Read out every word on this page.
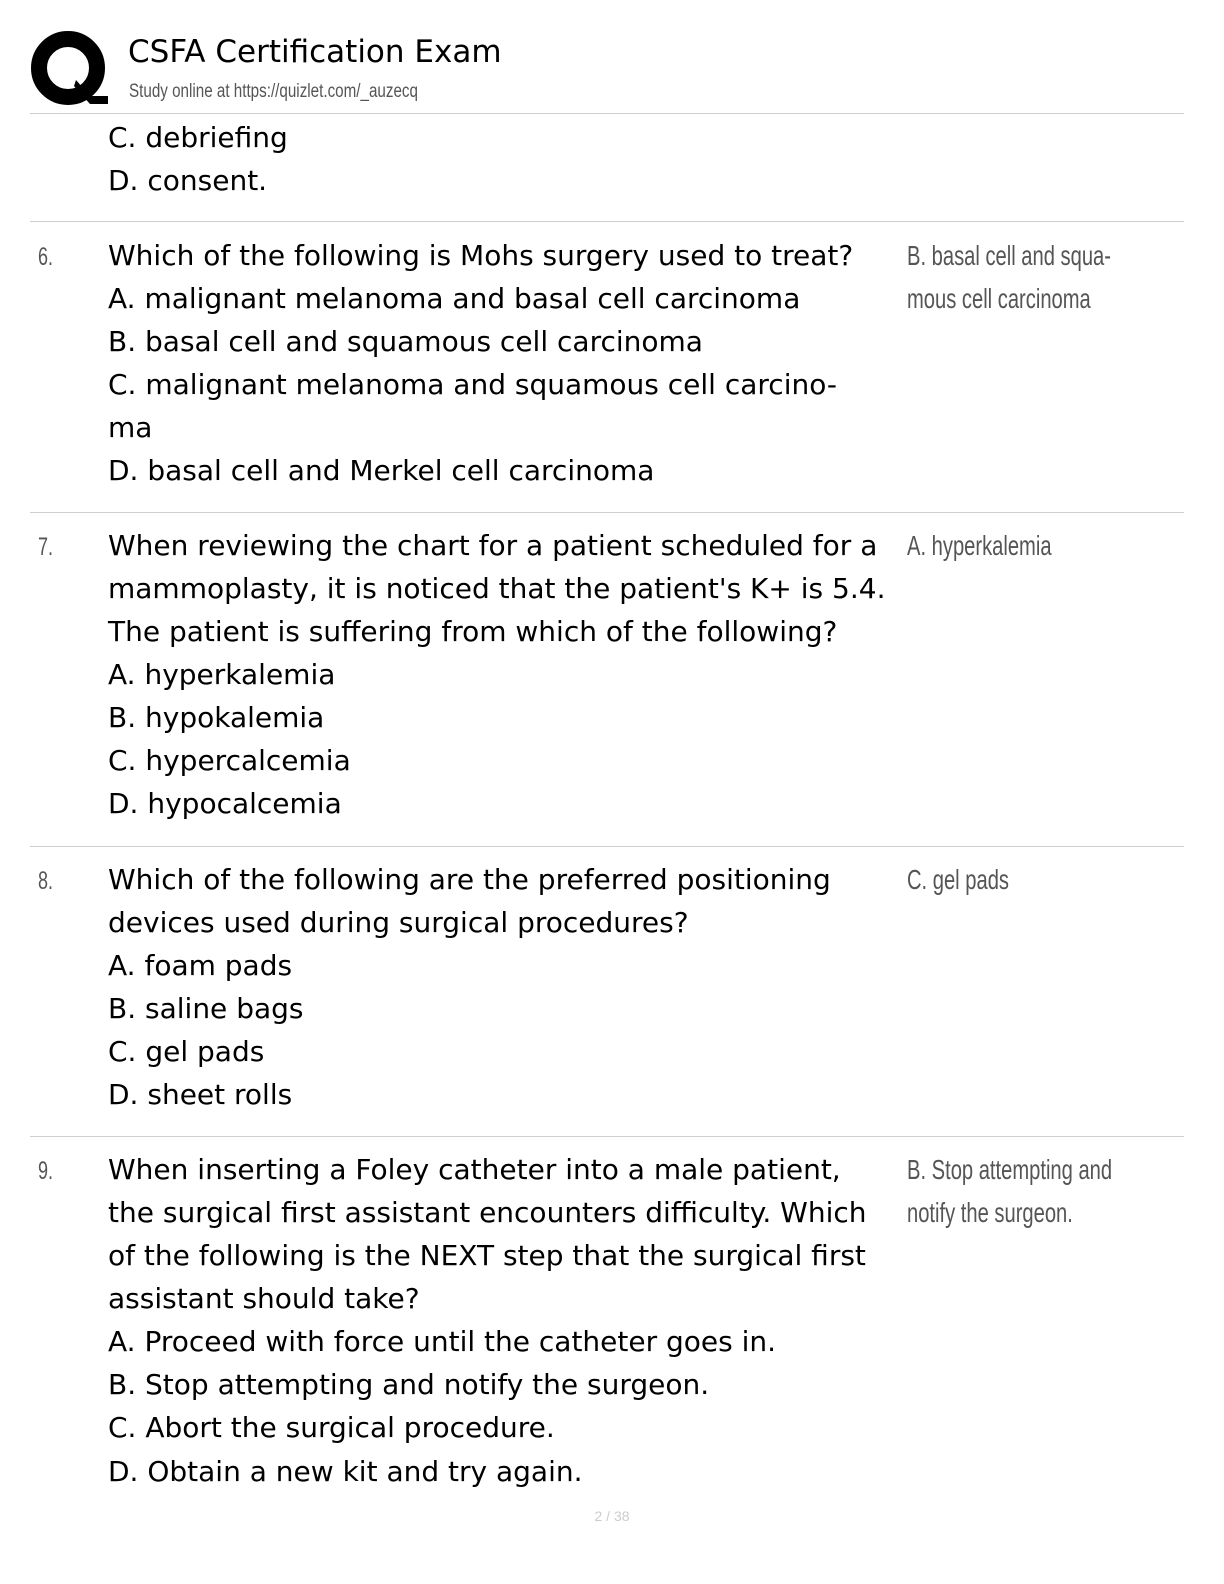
CSFA Certification Exam
Study online at https://quizlet.com/_auzecq
C. debriefing
D. consent.
6. Which of the following is Mohs surgery used to treat?
A. malignant melanoma and basal cell carcinoma
B. basal cell and squamous cell carcinoma
C. malignant melanoma and squamous cell carcino-
ma
D. basal cell and Merkel cell carcinoma
B. basal cell and squa-
mous cell carcinoma
7. When reviewing the chart for a patient scheduled for a
mammoplasty, it is noticed that the patient's K+ is 5.4.
The patient is suffering from which of the following?
A. hyperkalemia
B. hypokalemia
C. hypercalcemia
D. hypocalcemia
A. hyperkalemia
8. Which of the following are the preferred positioning
devices used during surgical procedures?
A. foam pads
B. saline bags
C. gel pads
D. sheet rolls
C. gel pads
9. When inserting a Foley catheter into a male patient,
the surgical first assistant encounters difficulty. Which
of the following is the NEXT step that the surgical first
assistant should take?
A. Proceed with force until the catheter goes in.
B. Stop attempting and notify the surgeon.
C. Abort the surgical procedure.
D. Obtain a new kit and try again.
B. Stop attempting and
notify the surgeon.
2 / 38
